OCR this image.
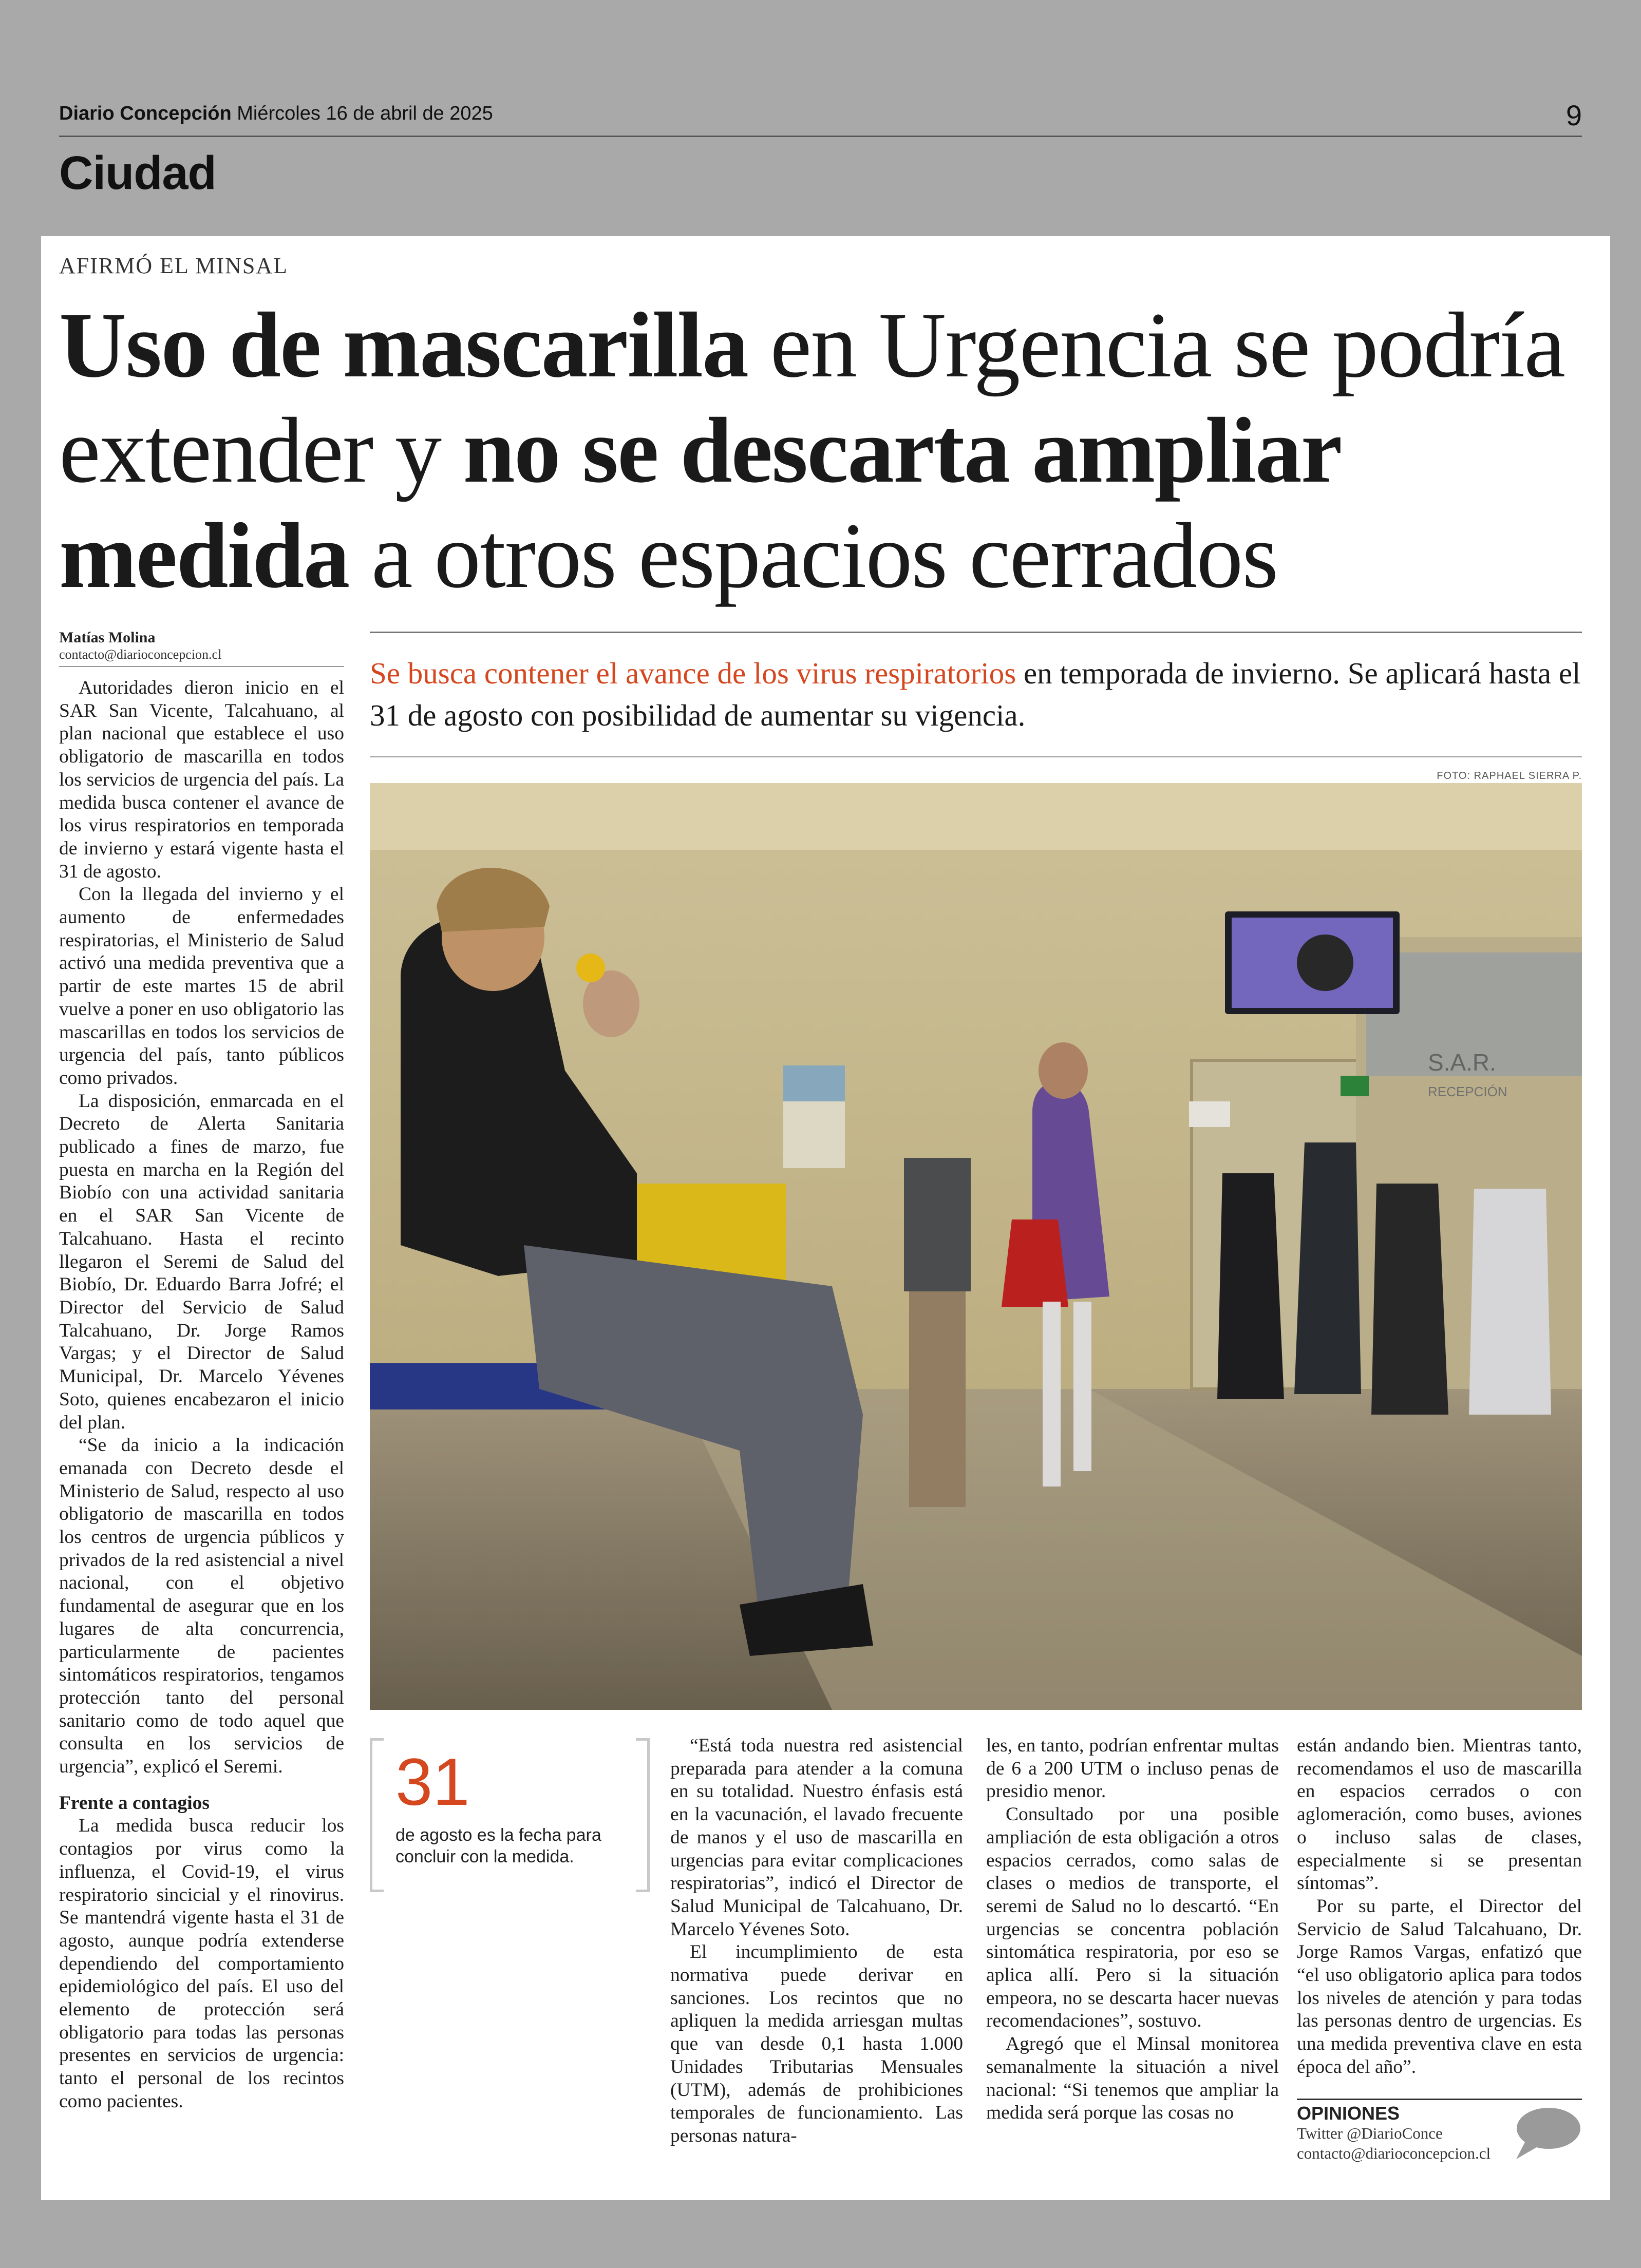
Diario Concepción Miércoles 16 de abril de 2025	9
Ciudad
AFIRMÓ EL MINSAL
Uso de mascarilla en Urgencia se podría
extender y no se descarta ampliar
medida a otros espacios cerrados
Matías Molina
contacto@diarioconcepcion.cl

Autoridades dieron inicio en el SAR San Vicente, Talcahuano, al plan nacional que establece el uso obligatorio de mascarilla en todos los servicios de urgencia del país. La medida busca contener el avance de los virus respiratorios en temporada de invierno y estará vigente hasta el 31 de agosto.

Con la llegada del invierno y el aumento de enfermedades respiratorias, el Ministerio de Salud activó una medida preventiva que a partir de este martes 15 de abril vuelve a poner en uso obligatorio las mascarillas en todos los servicios de urgencia del país, tanto públicos como privados.

La disposición, enmarcada en el Decreto de Alerta Sanitaria publicado a fines de marzo, fue puesta en marcha en la Región del Biobío con una actividad sanitaria en el SAR San Vicente de Talcahuano. Hasta el recinto llegaron el Seremi de Salud del Biobío, Dr. Eduardo Barra Jofré; el Director del Servicio de Salud Talcahuano, Dr. Jorge Ramos Vargas; y el Director de Salud Municipal, Dr. Marcelo Yévenes Soto, quienes encabezaron el inicio del plan.

“Se da inicio a la indicación emanada con Decreto desde el Ministerio de Salud, respecto al uso obligatorio de mascarilla en todos los centros de urgencia públicos y privados de la red asistencial a nivel nacional, con el objetivo fundamental de asegurar que en los lugares de alta concurrencia, particularmente de pacientes sintomáticos respiratorios, tengamos protección tanto del personal sanitario como de todo aquel que consulta en los servicios de urgencia”, explicó el Seremi.

Frente a contagios

La medida busca reducir los contagios por virus como la influenza, el Covid-19, el virus respiratorio sincicial y el rinovirus. Se mantendrá vigente hasta el 31 de agosto, aunque podría extenderse dependiendo del comportamiento epidemiológico del país. El uso del elemento de protección será obligatorio para todas las personas presentes en servicios de urgencia: tanto el personal de los recintos como pacientes.

Se busca contener el avance de los virus respiratorios en temporada de invierno. Se aplicará hasta el 31 de agosto con posibilidad de aumentar su vigencia.
FOTO: RAPHAEL SIERRA P.
S.A.R.
RECEPCIÓN
31
de agosto es la fecha para concluir con la medida.

“Está toda nuestra red asistencial preparada para atender a la comuna en su totalidad. Nuestro énfasis está en la vacunación, el lavado frecuente de manos y el uso de mascarilla en urgencias para evitar complicaciones respiratorias”, indicó el Director de Salud Municipal de Talcahuano, Dr. Marcelo Yévenes Soto.

El incumplimiento de esta normativa puede derivar en sanciones. Los recintos que no apliquen la medida arriesgan multas que van desde 0,1 hasta 1.000 Unidades Tributarias Mensuales (UTM), además de prohibiciones temporales de funcionamiento. Las personas natura-

les, en tanto, podrían enfrentar multas de 6 a 200 UTM o incluso penas de presidio menor.

Consultado por una posible ampliación de esta obligación a otros espacios cerrados, como salas de clases o medios de transporte, el seremi de Salud no lo descartó. “En urgencias se concentra población sintomática respiratoria, por eso se aplica allí. Pero si la situación empeora, no se descarta hacer nuevas recomendaciones”, sostuvo.

Agregó que el Minsal monitorea semanalmente la situación a nivel nacional: “Si tenemos que ampliar la medida será porque las cosas no

están andando bien. Mientras tanto, recomendamos el uso de mascarilla en espacios cerrados o con aglomeración, como buses, aviones o incluso salas de clases, especialmente si se presentan síntomas”.

Por su parte, el Director del Servicio de Salud Talcahuano, Dr. Jorge Ramos Vargas, enfatizó que “el uso obligatorio aplica para todos los niveles de atención y para todas las personas dentro de urgencias. Es una medida preventiva clave en esta época del año”.

OPINIONES
Twitter @DiarioConce
contacto@diarioconcepcion.cl
